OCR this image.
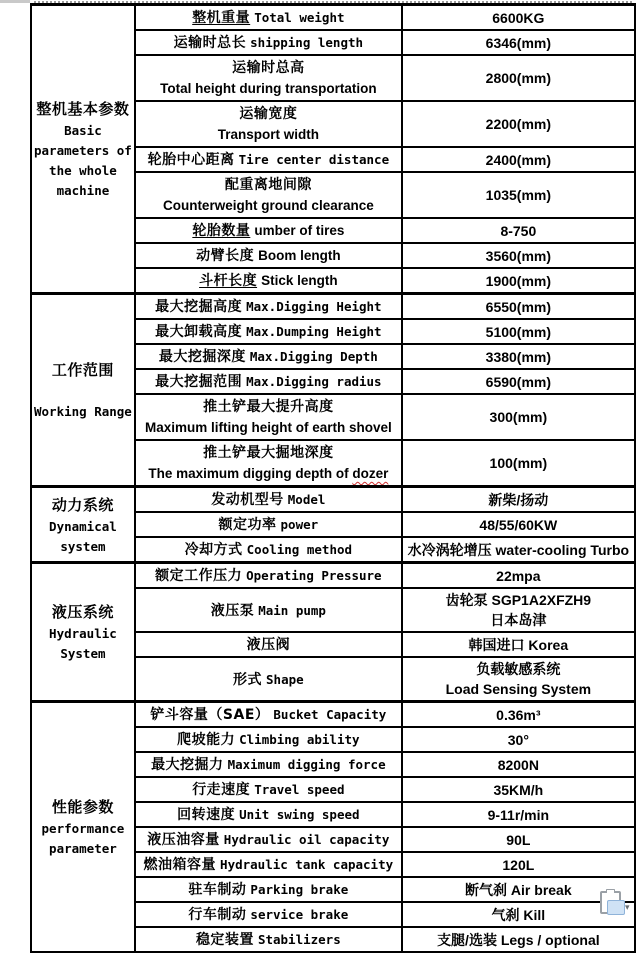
整机基本参数
Basic
parameters of
the whole
machine	整机重量 Total weight	6600KG

	运输时总长 shipping length	6346(mm)

	运输时总高
Total height during transportation	2800(mm)

	运输宽度
Transport width	2200(mm)

	轮胎中心距离 Tire center distance	2400(mm)

	配重离地间隙
Counterweight ground clearance	1035(mm)

	轮胎数量 umber of tires	8-750

	动臂长度 Boom length	3560(mm)

	斗杆长度 Stick length	1900(mm)

工作范围
Working Range	最大挖掘高度 Max.Digging Height	6550(mm)

	最大卸载高度 Max.Dumping Height	5100(mm)

	最大挖掘深度 Max.Digging Depth	3380(mm)

	最大挖掘范围 Max.Digging radius	6590(mm)

	推土铲最大提升高度
Maximum lifting height of earth shovel	300(mm)

	推土铲最大掘地深度
The maximum digging depth of dozer	100(mm)

动力系统
Dynamical
system	发动机型号 Model	新柴/扬动

	额定功率 power	48/55/60KW

	冷却方式 Cooling method	水冷涡轮增压 water-cooling Turbo

液压系统
Hydraulic
System	额定工作压力 Operating Pressure	22mpa

	液压泵 Main pump	齿轮泵 SGP1A2XFZH9
日本岛津

	液压阀	韩国进口 Korea

	形式 Shape	负载敏感系统
Load Sensing System

性能参数
performance
parameter	铲斗容量（SAE） Bucket Capacity	0.36m³

	爬坡能力 Climbing ability	30°

	最大挖掘力 Maximum digging force	8200N

	行走速度 Travel speed	35KM/h

	回转速度 Unit swing speed	9-11r/min

	液压油容量 Hydraulic oil capacity	90L

	燃油箱容量 Hydraulic tank capacity	120L

	驻车制动 Parking brake	断气刹 Air break

	行车制动 service brake	气刹 Kill

	稳定装置 Stabilizers	支腿/选装 Legs / optional
▾
